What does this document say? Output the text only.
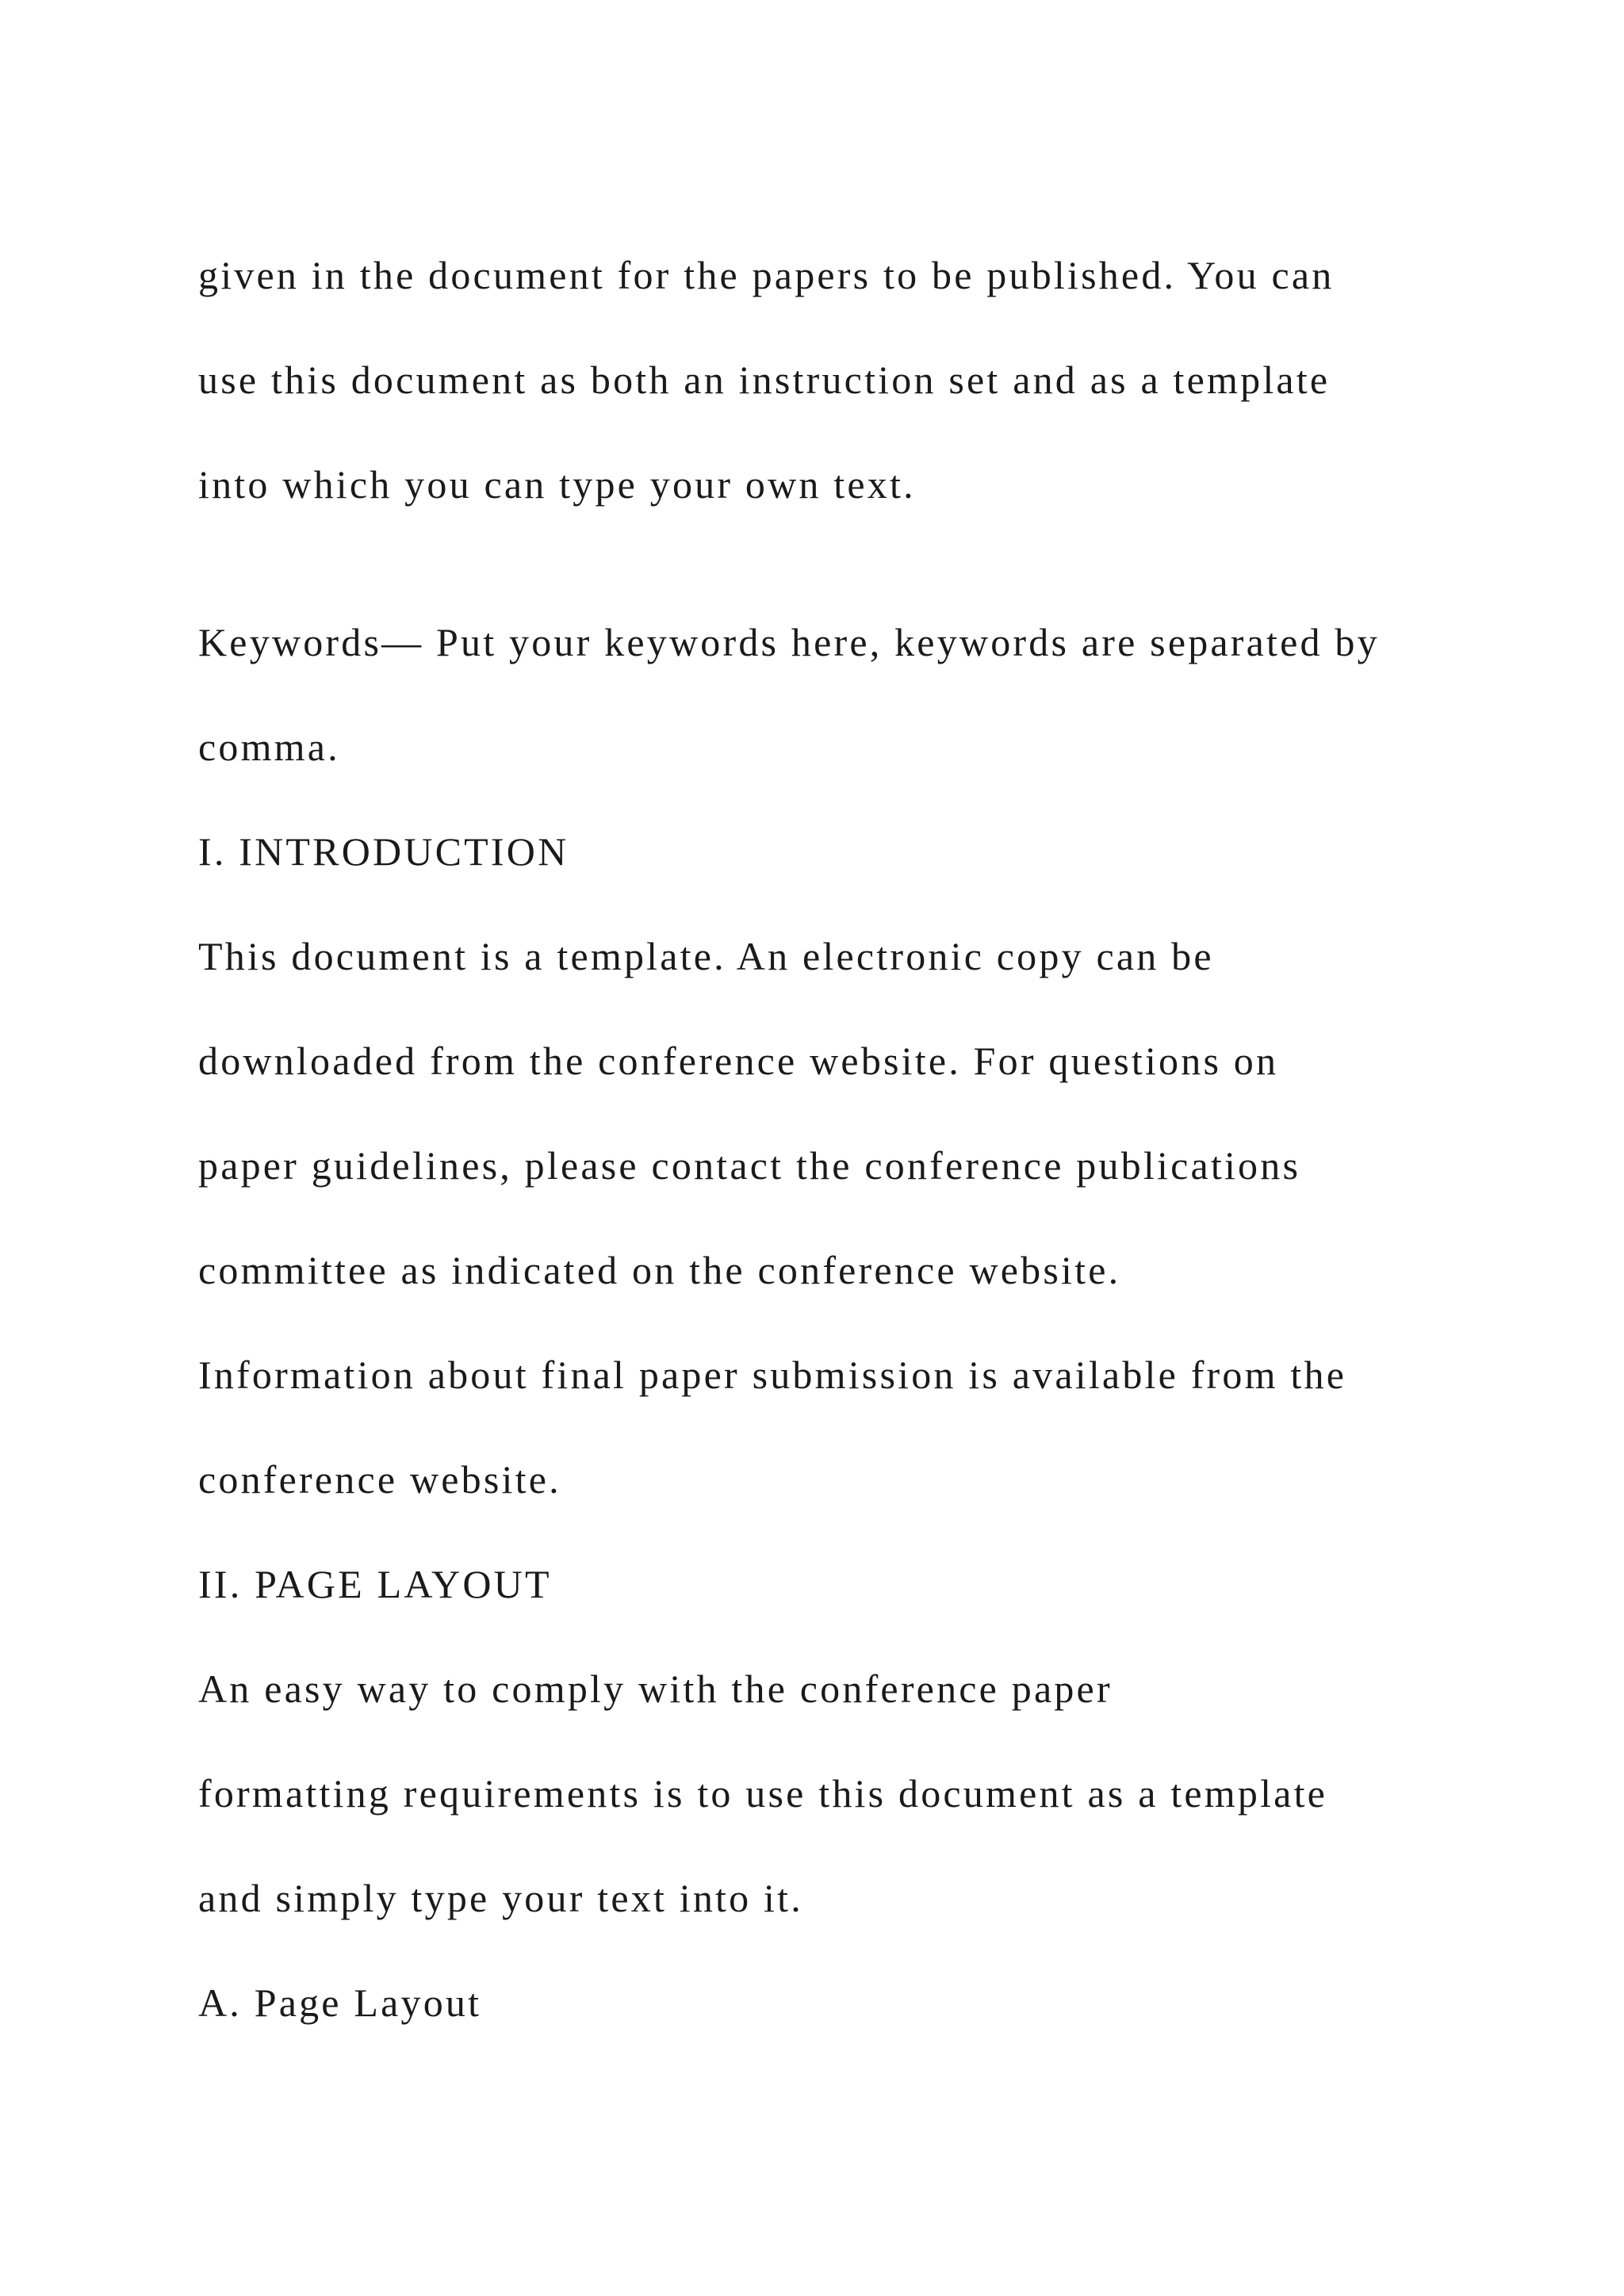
given in the document for the papers to be published. You can

use this document as both an instruction set and as a template

into which you can type your own text.

Keywords— Put your keywords here, keywords are separated by

comma.

I. INTRODUCTION

This document is a template. An electronic copy can be

downloaded from the conference website. For questions on

paper guidelines, please contact the conference publications

committee as indicated on the conference website.

Information about final paper submission is available from the

conference website.

II. PAGE LAYOUT

An easy way to comply with the conference paper

formatting requirements is to use this document as a template

and simply type your text into it.

A. Page Layout
